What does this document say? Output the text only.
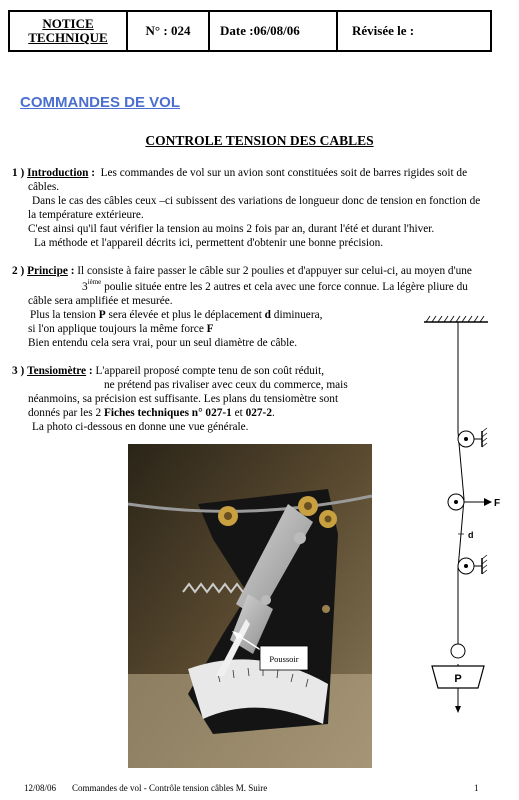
NOTICE
TECHNIQUE	N° : 024	Date :06/08/06	Révisée le :
COMMANDES DE VOL
CONTROLE TENSION DES CABLES
1 ) Introduction : Les commandes de vol sur un avion sont constituées soit de barres rigides soit de
câbles.
Dans le cas des câbles ceux –ci subissent des variations de longueur donc de tension en fonction de
la température extérieure.
C'est ainsi qu'il faut vérifier la tension au moins 2 fois par an, durant l'été et durant l'hiver.
La méthode et l'appareil décrits ici, permettent d'obtenir une bonne précision.
2 ) Principe : Il consiste à faire passer le câble sur 2 poulies et d'appuyer sur celui-ci, au moyen d'une
3ième poulie située entre les 2 autres et cela avec une force connue. La légère pliure du
câble sera amplifiée et mesurée.
Plus la tension P sera élevée et plus le déplacement d diminuera,
si l'on applique toujours la même force F
Bien entendu cela sera vrai, pour un seul diamètre de câble.
3 ) Tensiomètre : L'appareil proposé compte tenu de son coût réduit,
ne prétend pas rivaliser avec ceux du commerce, mais
néanmoins, sa précision est suffisante. Les plans du tensiomètre sont
donnés par les 2 Fiches techniques n° 027-1 et 027-2.
La photo ci-dessous en donne une vue générale.
Poussoir
F
d
P
12/08/06 Commandes de vol - Contrôle tension câbles M. Suire	1
